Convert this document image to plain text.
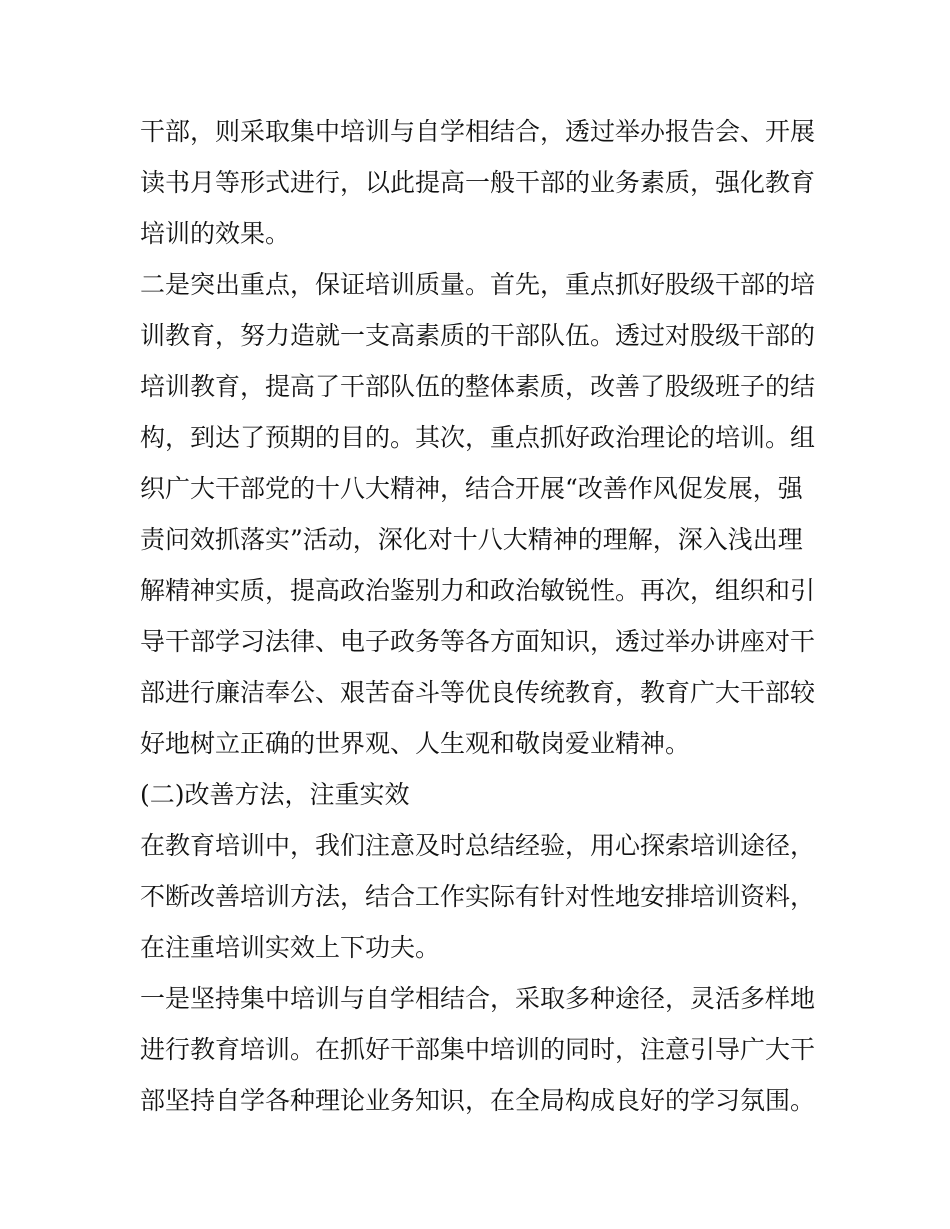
干部，则采取集中培训与自学相结合，透过举办报告会、开展
读书月等形式进行，以此提高一般干部的业务素质，强化教育
培训的效果。
二是突出重点，保证培训质量。首先，重点抓好股级干部的培
训教育，努力造就一支高素质的干部队伍。透过对股级干部的
培训教育，提高了干部队伍的整体素质，改善了股级班子的结
构，到达了预期的目的。其次，重点抓好政治理论的培训。组
织广大干部党的十八大精神，结合开展“改善作风促发展，强
责问效抓落实”活动，深化对十八大精神的理解，深入浅出理
解精神实质，提高政治鉴别力和政治敏锐性。再次，组织和引
导干部学习法律、电子政务等各方面知识，透过举办讲座对干
部进行廉洁奉公、艰苦奋斗等优良传统教育，教育广大干部较
好地树立正确的世界观、人生观和敬岗爱业精神。
(二)改善方法，注重实效
在教育培训中，我们注意及时总结经验，用心探索培训途径，
不断改善培训方法，结合工作实际有针对性地安排培训资料，
在注重培训实效上下功夫。
一是坚持集中培训与自学相结合，采取多种途径，灵活多样地
进行教育培训。在抓好干部集中培训的同时，注意引导广大干
部坚持自学各种理论业务知识，在全局构成良好的学习氛围。
